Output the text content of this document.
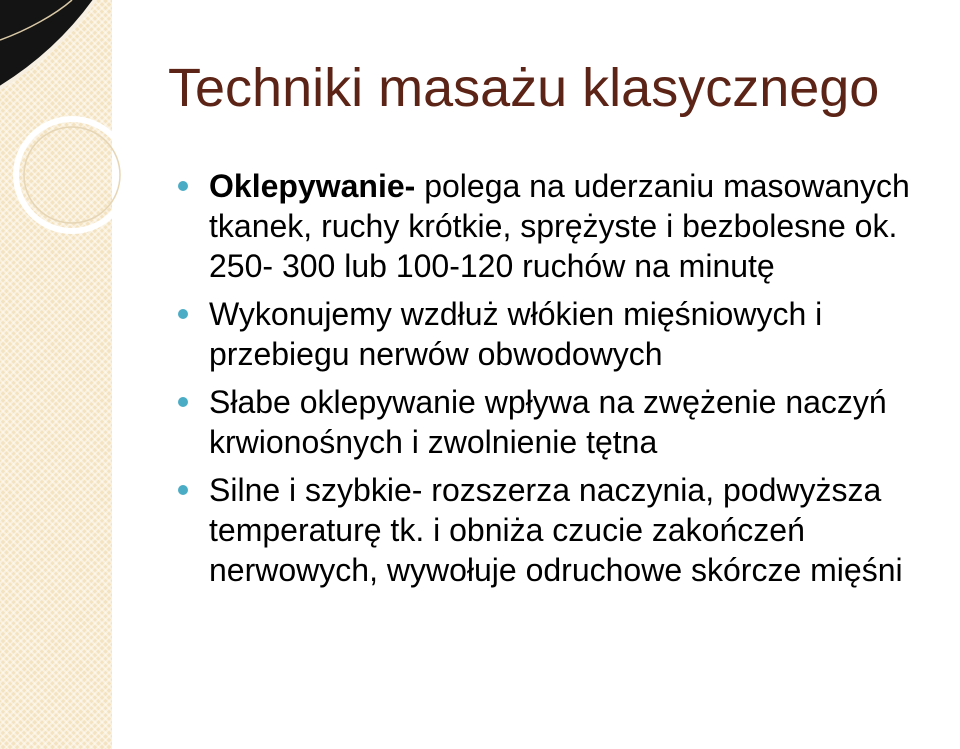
Techniki masażu klasycznego
Oklepywanie- polega na uderzaniu masowanych tkanek, ruchy krótkie, sprężyste i bezbolesne ok. 250- 300 lub 100-120 ruchów na minutę
Wykonujemy wzdłuż włókien mięśniowych i przebiegu nerwów obwodowych
Słabe oklepywanie wpływa na zwężenie naczyń krwionośnych i zwolnienie tętna
Silne i szybkie- rozszerza naczynia, podwyższa temperaturę tk. i obniża czucie zakończeń nerwowych, wywołuje odruchowe skórcze mięśni
